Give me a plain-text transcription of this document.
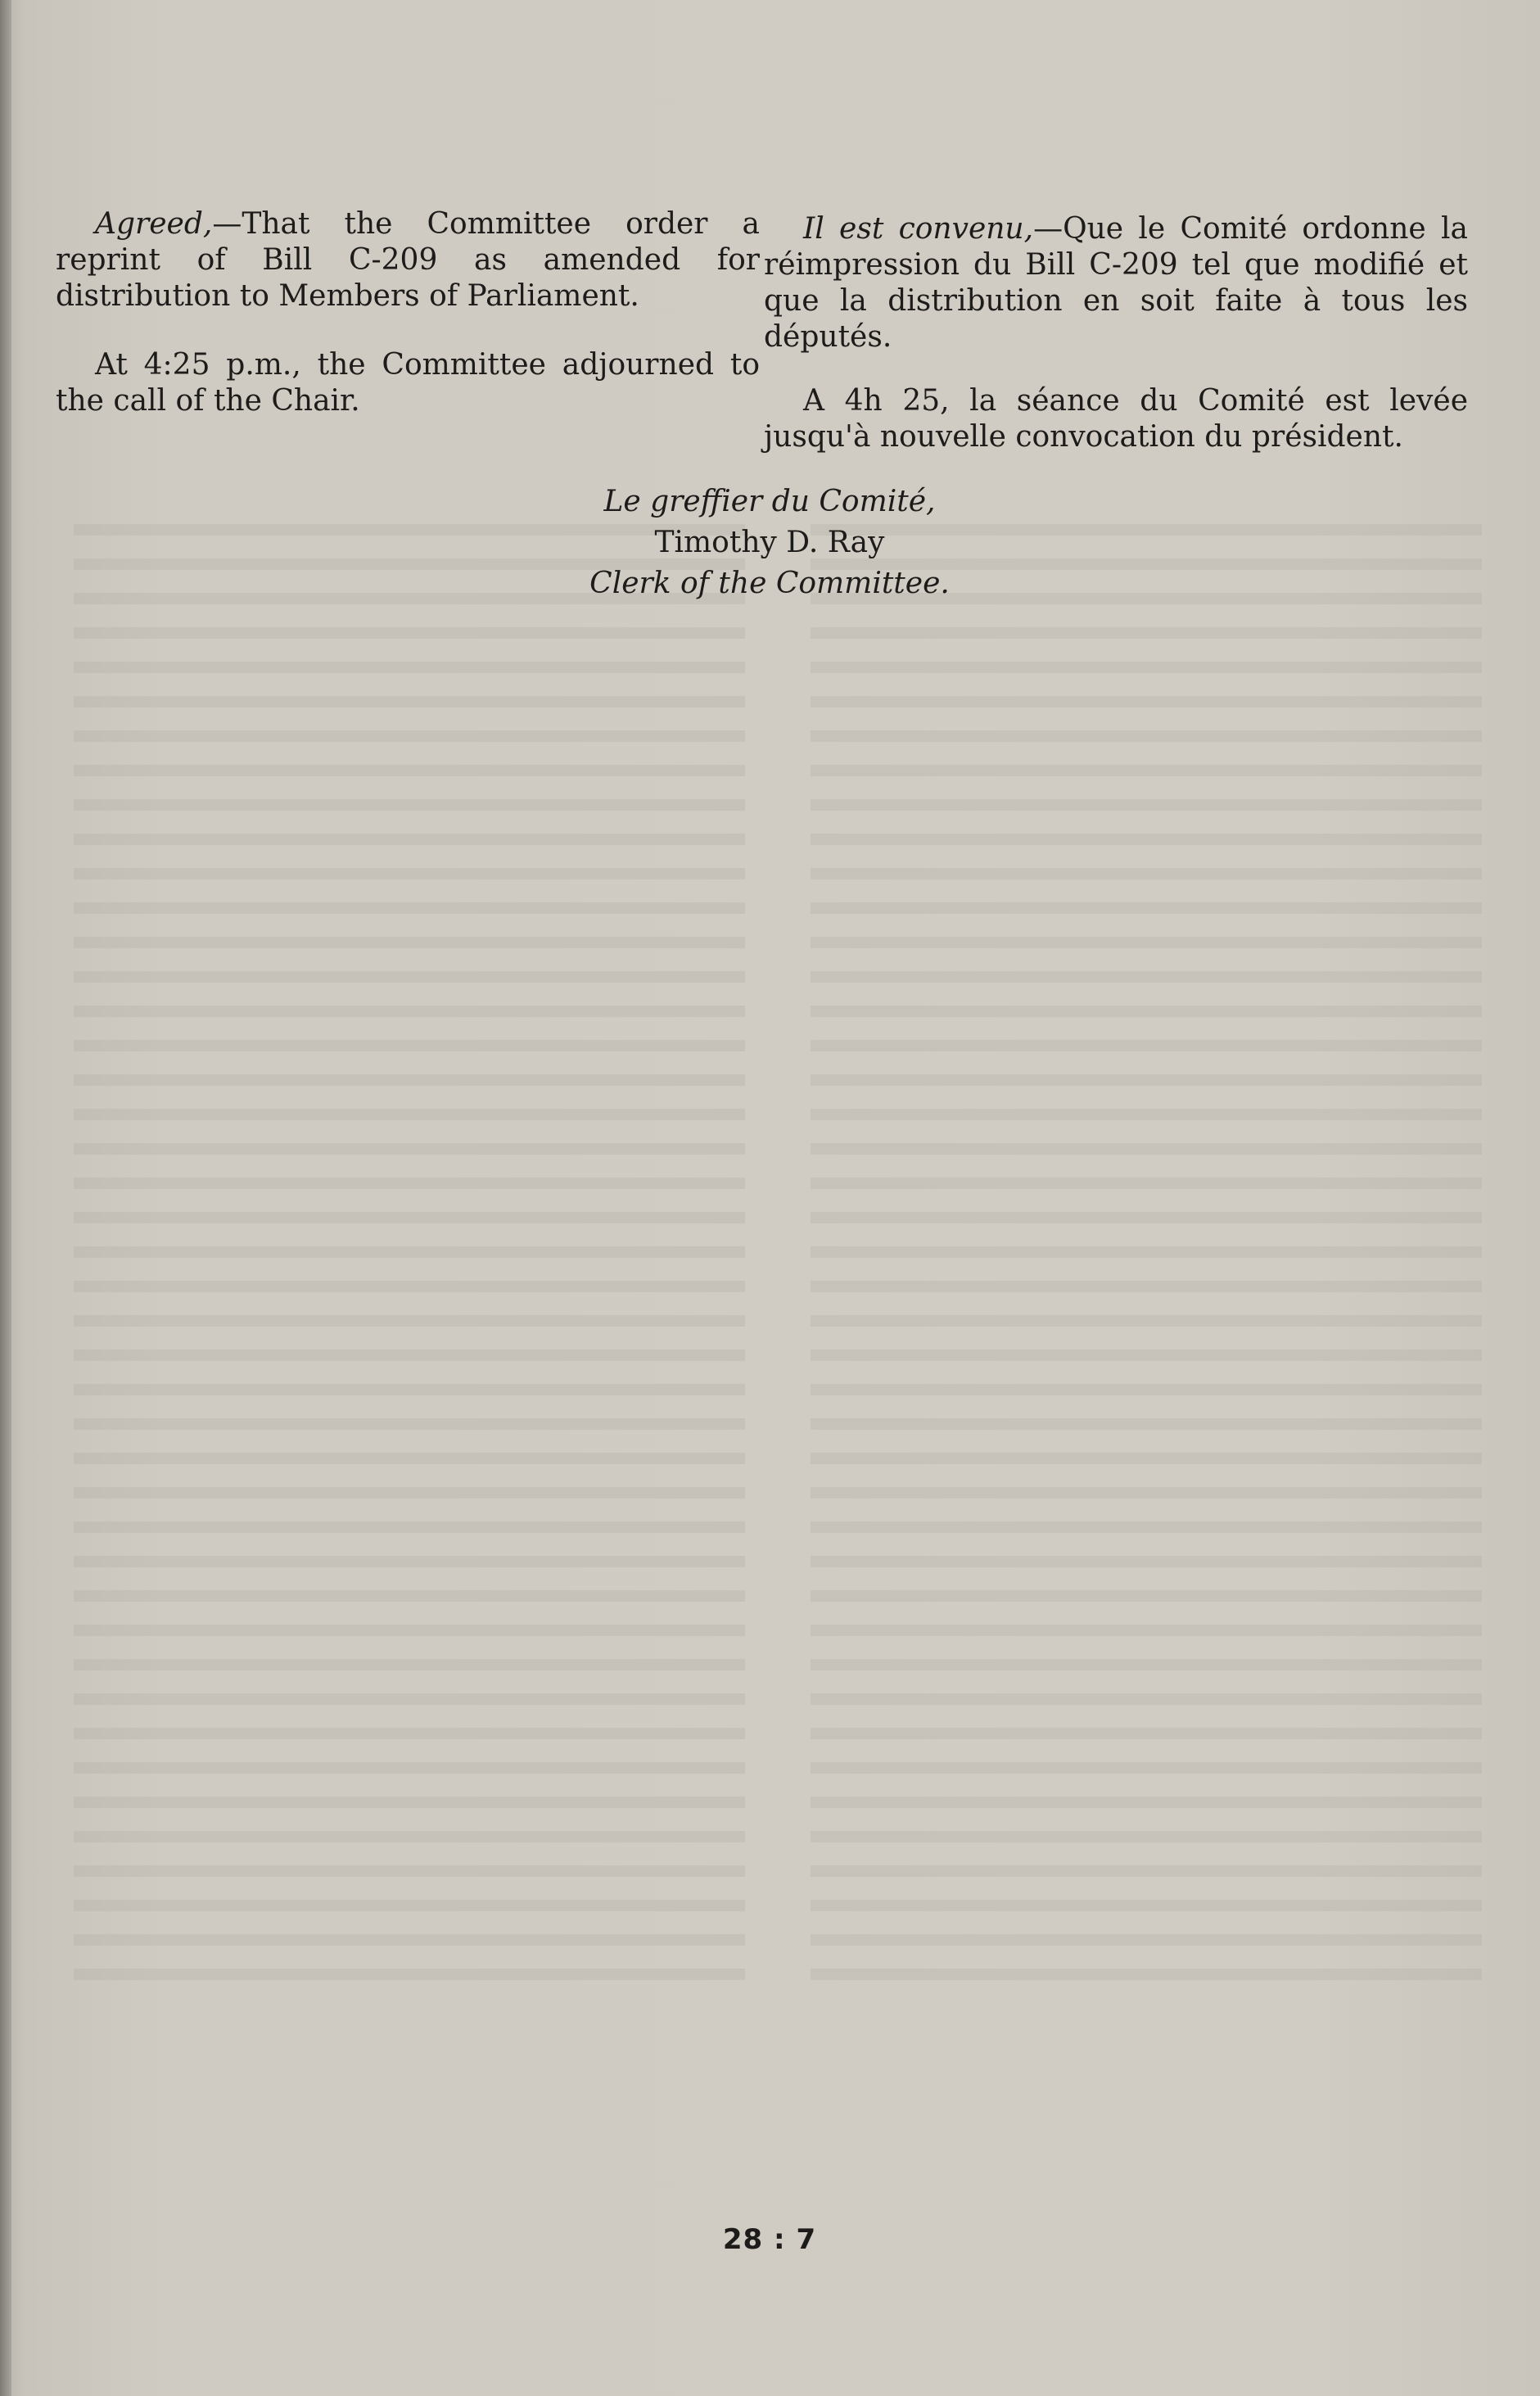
Agreed,—That the Committee order a reprint of Bill C-209 as amended for distribution to Members of Parliament.

At 4:25 p.m., the Committee adjourned to the call of the Chair.

Il est convenu,—Que le Comité ordonne la réimpression du Bill C-209 tel que modifié et que la distribution en soit faite à tous les députés.

A 4h 25, la séance du Comité est levée jusqu'à nouvelle convocation du président.

Le greffier du Comité,
Timothy D. Ray
Clerk of the Committee.
28 : 7
